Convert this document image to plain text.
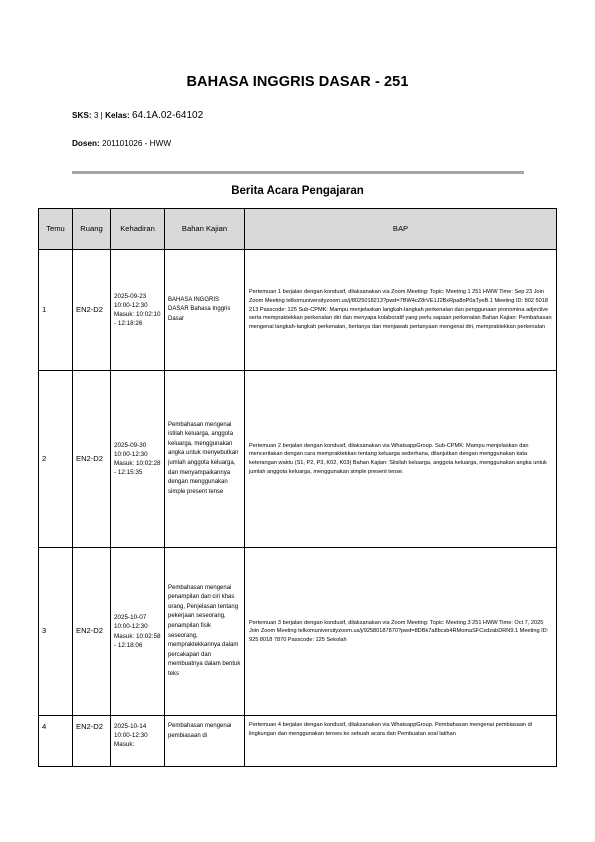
BAHASA INGGRIS DASAR - 251
SKS: 3 | Kelas: 64.1A.02-64102
Dosen: 201101026 - HWW
Berita Acara Pengajaran
Temu	Ruang	Kehadiran	Bahan Kajian	BAP
1	EN2-D2	2025-09-23 10:00-12:30 Masuk: 10:02:10 - 12:18:26	BAHASA INGGRIS DASAR Bahasa Inggris Dasar	Pertemuan 1 berjalan dengan kondusif, dilaksanakan via Zoom Meeting: Topic: Meeting 1 251 HWW Time: Sep 23 Join Zoom Meeting telkomuniversityzoom.us/j/8025018213?pwd=7BW4cZ8rVE1J2BxRpa8oP0aTyeB.1 Meeting ID: 802 5018 213 Passcode: 125 Sub-CPMK: Mampu menjelaskan langkah-langkah perkenalan dan penggunaan pronomina adjective serta mempraktekkan perkenalan diri dan menyapa kolaboratif yang perlu sapaan perkenalan Bahan Kajian: Pembahasan mengenai langkah-langkah perkenalan, bertanya dan menjawab pertanyaan mengenai diri, mempraktekkan perkenalan
2	EN2-D2	2025-09-30 10:00-12:30 Masuk: 10:02:28 - 12:15:35	Pembahasan mengenai istilah keluarga, anggota keluarga, menggunakan angka untuk menyebutkan jumlah anggota keluarga, dan menyampaikannya dengan menggunakan simple present tense	Pertemuan 2 berjalan dengan kondusif, dilaksanakan via WhatsappGroup. Sub-CPMK: Mampu menjelaskan dan menceritakan dengan cara mempraktekkan tentang keluarga sederhana, dilanjutkan dengan menggunakan kata keterangan waktu (S1, P2, P3, K02, K03) Bahan Kajian: Silsilah keluarga, anggota keluarga, menggunakan angka untuk jumlah anggota keluarga, menggunakan simple present tense.
3	EN2-D2	2025-10-07 10:00-12:30 Masuk: 10:02:58 - 12:18:06	Pembahasan mengenai penampilan dan ciri khas orang, Penjelasan tentang pekerjaan seseorang, penampilan fisik seseorang, mempraktekkannya dalam percakapan dan membuatnya dalam bentuk teks	Pertemuan 3 berjalan dengan kondusif, dilaksanakan via Zoom Meeting: Topic: Meeting 3 251 HWW Time: Oct 7, 2025 Join Zoom Meeting telkomuniversityzoom.us/j/92580187870?pwd=8DBk7a8bcsb4RMomaSFCsdzabDRN9.1 Meeting ID: 925 8018 7870 Passcode: 125 Sekolah
4	EN2-D2	2025-10-14 10:00-12:30 Masuk:	Pembahasan mengenai pembiasaan di	Pertemuan 4 berjalan dengan kondusif, dilaksanakan via WhatsappGroup. Pembahasan mengenai pembiasaan di lingkungan dan menggunakan tenses ke sebuah acara dan Pembuatan soal latihan
